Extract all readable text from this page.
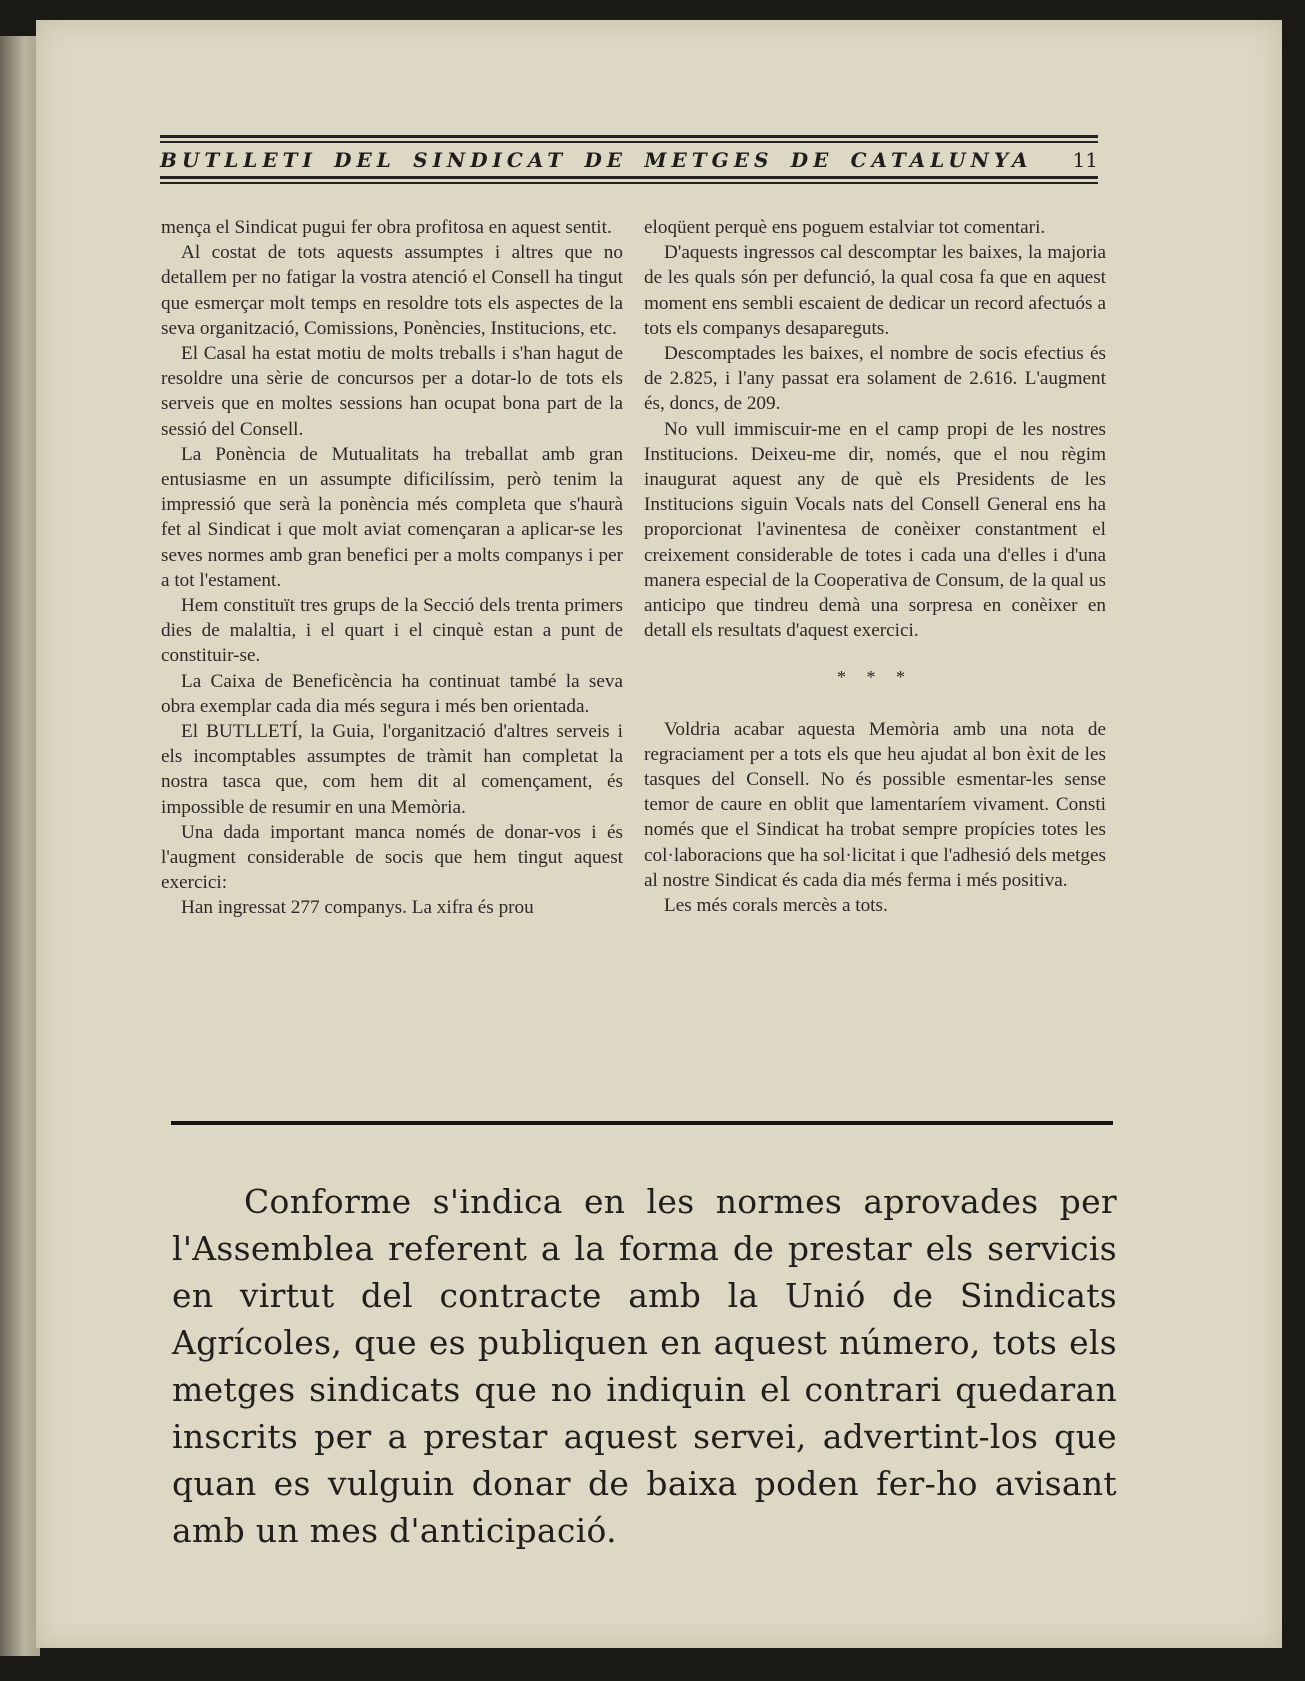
BUTLLETI DEL SINDICAT DE METGES DE CATALUNYA 11

mença el Sindicat pugui fer obra profitosa en aquest sentit.

Al costat de tots aquests assumptes i altres que no detallem per no fatigar la vostra atenció el Consell ha tingut que esmerçar molt temps en resoldre tots els aspectes de la seva organització, Comissions, Ponències, Institucions, etc.

El Casal ha estat motiu de molts treballs i s'han hagut de resoldre una sèrie de concursos per a dotar-lo de tots els serveis que en moltes sessions han ocupat bona part de la sessió del Consell.

La Ponència de Mutualitats ha treballat amb gran entusiasme en un assumpte dificilíssim, però tenim la impressió que serà la ponència més completa que s'haurà fet al Sindicat i que molt aviat començaran a aplicar-se les seves normes amb gran benefici per a molts companys i per a tot l'estament.

Hem constituït tres grups de la Secció dels trenta primers dies de malaltia, i el quart i el cinquè estan a punt de constituir-se.

La Caixa de Beneficència ha continuat també la seva obra exemplar cada dia més segura i més ben orientada.

El BUTLLETÍ, la Guia, l'organització d'altres serveis i els incomptables assumptes de tràmit han completat la nostra tasca que, com hem dit al començament, és impossible de resumir en una Memòria.

Una dada important manca només de donar-vos i és l'augment considerable de socis que hem tingut aquest exercici:

Han ingressat 277 companys. La xifra és prou

eloqüent perquè ens poguem estalviar tot comentari.

D'aquests ingressos cal descomptar les baixes, la majoria de les quals són per defunció, la qual cosa fa que en aquest moment ens sembli escaient de dedicar un record afectuós a tots els companys desapareguts.

Descomptades les baixes, el nombre de socis efectius és de 2.825, i l'any passat era solament de 2.616. L'augment és, doncs, de 209.

No vull immiscuir-me en el camp propi de les nostres Institucions. Deixeu-me dir, només, que el nou règim inaugurat aquest any de què els Presidents de les Institucions siguin Vocals nats del Consell General ens ha proporcionat l'avinentesa de conèixer constantment el creixement considerable de totes i cada una d'elles i d'una manera especial de la Cooperativa de Consum, de la qual us anticipo que tindreu demà una sorpresa en conèixer en detall els resultats d'aquest exercici.

* * *

Voldria acabar aquesta Memòria amb una nota de regraciament per a tots els que heu ajudat al bon èxit de les tasques del Consell. No és possible esmentar-les sense temor de caure en oblit que lamentaríem vivament. Consti només que el Sindicat ha trobat sempre propícies totes les col·laboracions que ha sol·licitat i que l'adhesió dels metges al nostre Sindicat és cada dia més ferma i més positiva.

Les més corals mercès a tots.

Conforme s'indica en les normes aprovades per l'Assemblea referent a la forma de prestar els servicis en virtut del contracte amb la Unió de Sindicats Agrícoles, que es publiquen en aquest número, tots els metges sindicats que no indiquin el contrari quedaran inscrits per a prestar aquest servei, advertint-los que quan es vulguin donar de baixa poden fer-ho avisant amb un mes d'anticipació.
